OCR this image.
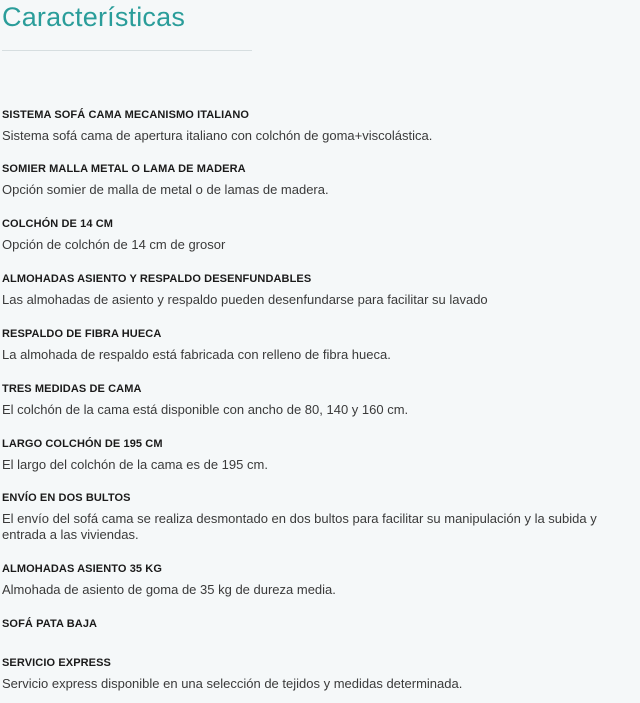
Características
SISTEMA SOFÁ CAMA MECANISMO ITALIANO
Sistema sofá cama de apertura italiano con colchón de goma+viscolástica.
SOMIER MALLA METAL O LAMA DE MADERA
Opción somier de malla de metal o de lamas de madera.
COLCHÓN DE 14 CM
Opción de colchón de 14 cm de grosor
ALMOHADAS ASIENTO Y RESPALDO DESENFUNDABLES
Las almohadas de asiento y respaldo pueden desenfundarse para facilitar su lavado
RESPALDO DE FIBRA HUECA
La almohada de respaldo está fabricada con relleno de fibra hueca.
TRES MEDIDAS DE CAMA
El colchón de la cama está disponible con ancho de 80, 140 y 160 cm.
LARGO COLCHÓN DE 195 CM
El largo del colchón de la cama es de 195 cm.
ENVÍO EN DOS BULTOS
El envío del sofá cama se realiza desmontado en dos bultos para facilitar su manipulación y la subida y entrada a las viviendas.
ALMOHADAS ASIENTO 35 KG
Almohada de asiento de goma de 35 kg de dureza media.
SOFÁ PATA BAJA
SERVICIO EXPRESS
Servicio express disponible en una selección de tejidos y medidas determinada.
